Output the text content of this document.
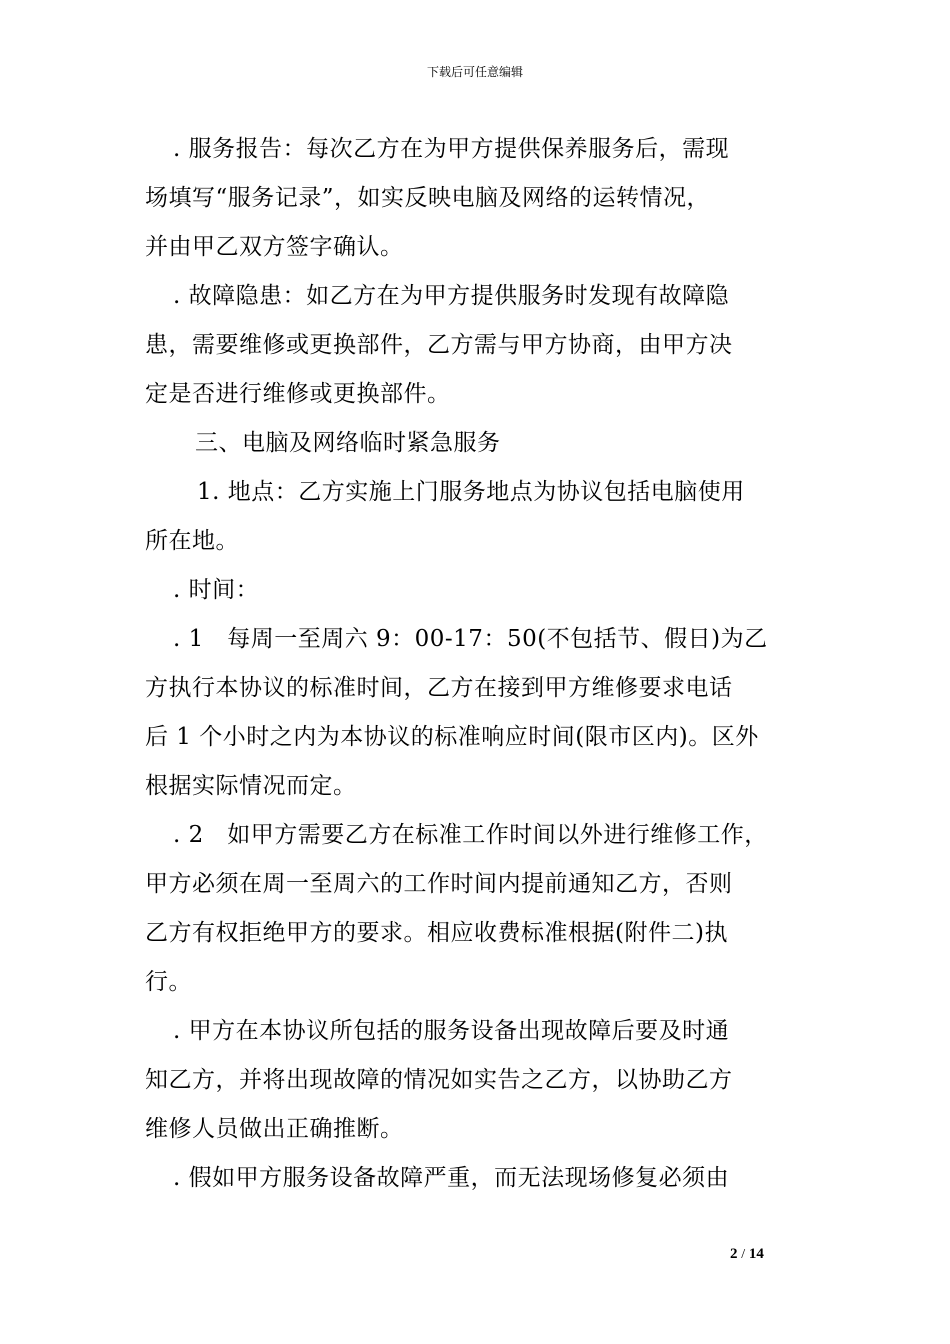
下载后可任意编辑
. 服务报告：每次乙方在为甲方提供保养服务后，需现
场填写“服务记录”，如实反映电脑及网络的运转情况，
并由甲乙双方签字确认。
. 故障隐患：如乙方在为甲方提供服务时发现有故障隐
患，需要维修或更换部件，乙方需与甲方协商，由甲方决
定是否进行维修或更换部件。
三、电脑及网络临时紧急服务
1. 地点：乙方实施上门服务地点为协议包括电脑使用
所在地。
. 时间：
. 1   每周一至周六 9：00-17：50(不包括节、假日)为乙
方执行本协议的标准时间，乙方在接到甲方维修要求电话
后 1 个小时之内为本协议的标准响应时间(限市区内)。区外
根据实际情况而定。
. 2   如甲方需要乙方在标准工作时间以外进行维修工作，
甲方必须在周一至周六的工作时间内提前通知乙方，否则
乙方有权拒绝甲方的要求。相应收费标准根据(附件二)执
行。
. 甲方在本协议所包括的服务设备出现故障后要及时通
知乙方，并将出现故障的情况如实告之乙方，以协助乙方
维修人员做出正确推断。
. 假如甲方服务设备故障严重，而无法现场修复必须由
2 / 14
